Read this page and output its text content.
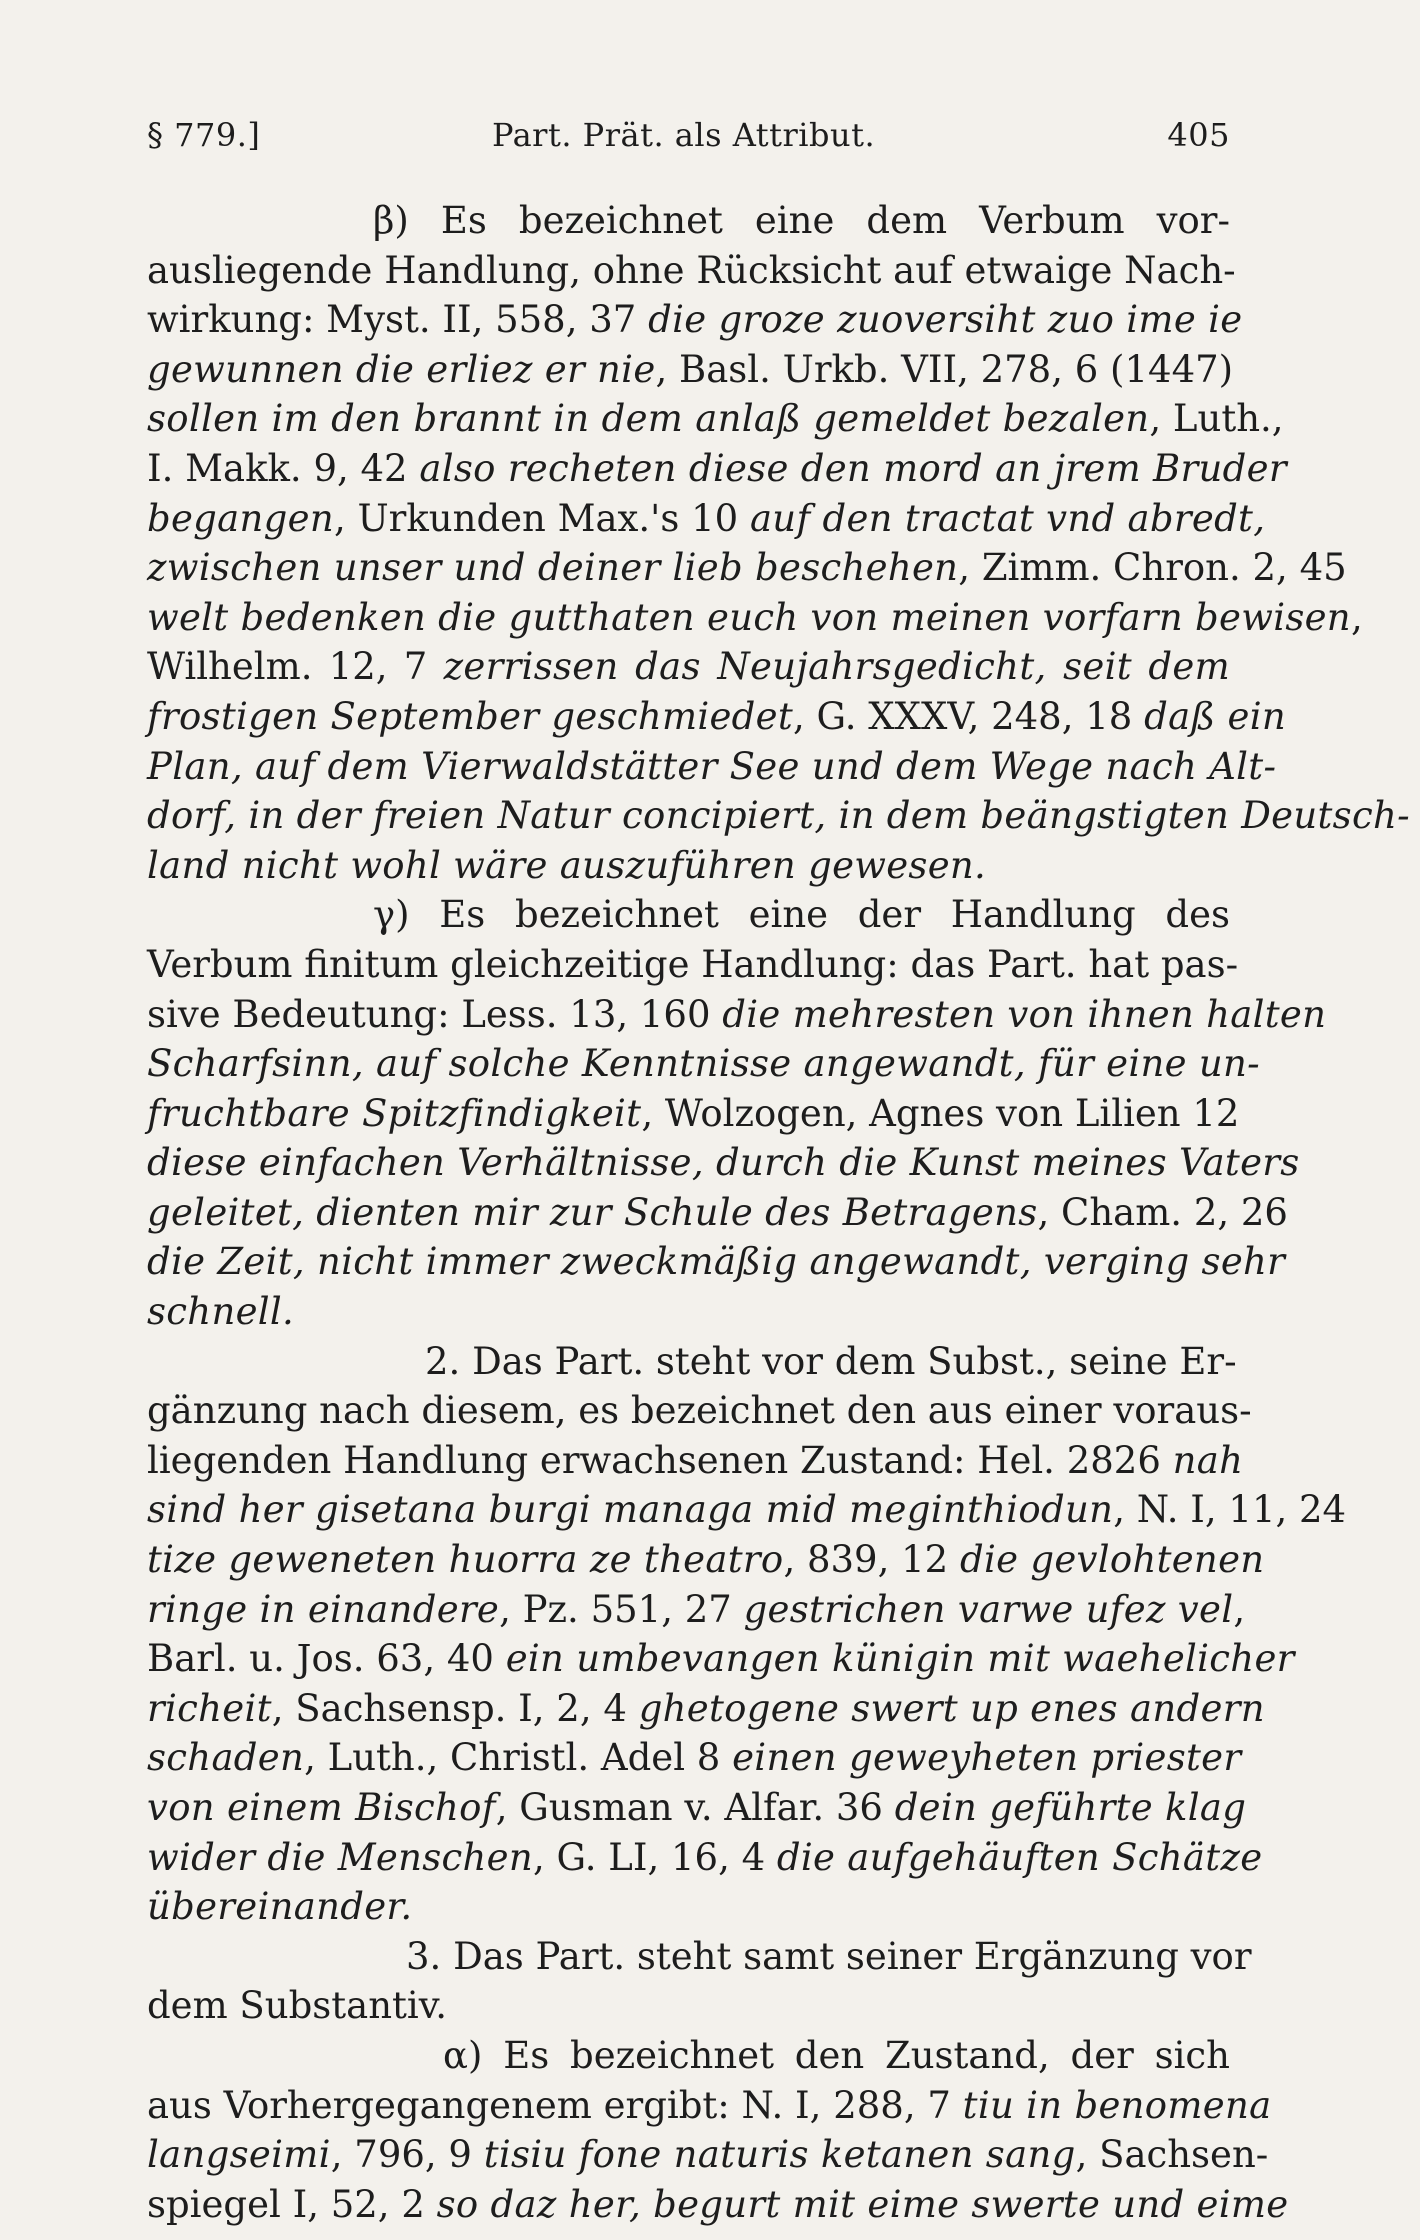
§ 779.]	Part. Prät. als Attribut.	405
β) Es bezeichnet eine dem Verbum vor-
ausliegende Handlung, ohne Rücksicht auf etwaige Nach-
wirkung: Myst. II, 558, 37 die groze zuoversiht zuo ime ie
gewunnen die erliez er nie, Basl. Urkb. VII, 278, 6 (1447)
sollen im den brannt in dem anlaß gemeldet bezalen, Luth.,
I. Makk. 9, 42 also recheten diese den mord an jrem Bruder
begangen, Urkunden Max.'s 10 auf den tractat vnd abredt,
zwischen unser und deiner lieb beschehen, Zimm. Chron. 2, 45
welt bedenken die gutthaten euch von meinen vorfarn bewisen,
Wilhelm. 12, 7 zerrissen das Neujahrsgedicht, seit dem
frostigen September geschmiedet, G. XXXV, 248, 18 daß ein
Plan, auf dem Vierwaldstätter See und dem Wege nach Alt-
dorf, in der freien Natur concipiert, in dem beängstigten Deutsch-
land nicht wohl wäre auszuführen gewesen.
γ) Es bezeichnet eine der Handlung des
Verbum finitum gleichzeitige Handlung: das Part. hat pas-
sive Bedeutung: Less. 13, 160 die mehresten von ihnen halten
Scharfsinn, auf solche Kenntnisse angewandt, für eine un-
fruchtbare Spitzfindigkeit, Wolzogen, Agnes von Lilien 12
diese einfachen Verhältnisse, durch die Kunst meines Vaters
geleitet, dienten mir zur Schule des Betragens, Cham. 2, 26
die Zeit, nicht immer zweckmäßig angewandt, verging sehr
schnell.
2. Das Part. steht vor dem Subst., seine Er-
gänzung nach diesem, es bezeichnet den aus einer voraus-
liegenden Handlung erwachsenen Zustand: Hel. 2826 nah
sind her gisetana burgi managa mid meginthiodun, N. I, 11, 24
tize geweneten huorra ze theatro, 839, 12 die gevlohtenen
ringe in einandere, Pz. 551, 27 gestrichen varwe ufez vel,
Barl. u. Jos. 63, 40 ein umbevangen künigin mit waehelicher
richeit, Sachsensp. I, 2, 4 ghetogene swert up enes andern
schaden, Luth., Christl. Adel 8 einen geweyheten priester
von einem Bischof, Gusman v. Alfar. 36 dein geführte klag
wider die Menschen, G. LI, 16, 4 die aufgehäuften Schätze
übereinander.
3. Das Part. steht samt seiner Ergänzung vor
dem Substantiv.
α) Es bezeichnet den Zustand, der sich
aus Vorhergegangenem ergibt: N. I, 288, 7 tiu in benomena
langseimi, 796, 9 tisiu fone naturis ketanen sang, Sachsen-
spiegel I, 52, 2 so daz her, begurt mit eime swerte und eime
